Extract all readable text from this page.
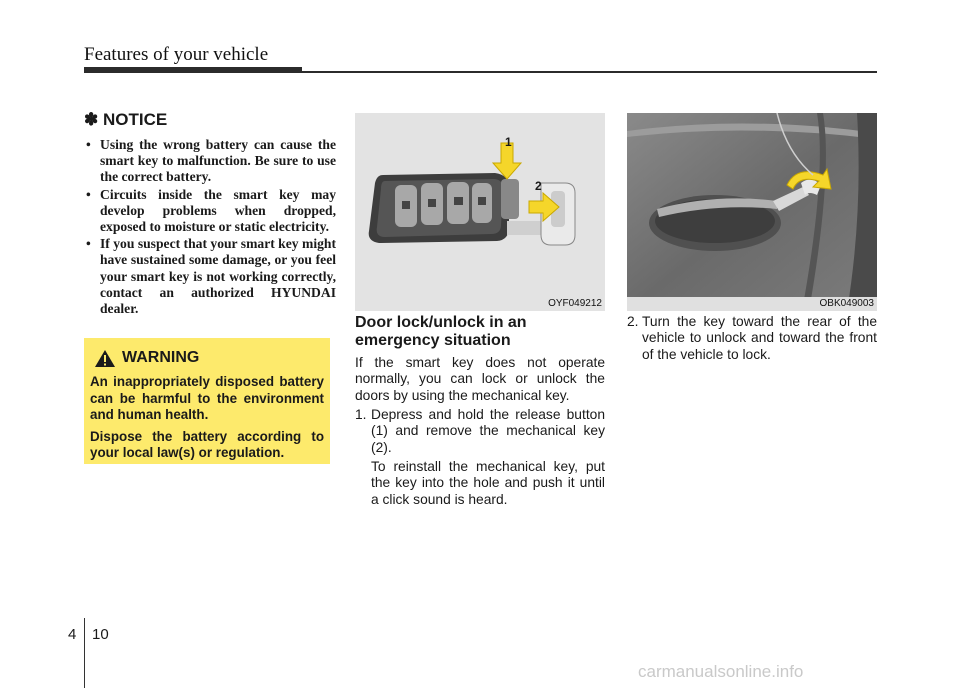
Features of your vehicle
✽ NOTICE
• Using the wrong battery can cause the smart key to malfunction. Be sure to use the correct battery.
• Circuits inside the smart key may develop problems when dropped, exposed to moisture or static electricity.
• If you suspect that your smart key might have sustained some damage, or you feel your smart key is not working correctly, contact an authorized HYUNDAI dealer.
WARNING

An inappropriately disposed battery can be harmful to the environment and human health.

Dispose the battery according to your local law(s) or regulation.

1
2
OYF049212
Door lock/unlock in an emergency situation

If the smart key does not operate normally, you can lock or unlock the doors by using the mechanical key.

1. Depress and hold the release button (1) and remove the mechanical key (2).

To reinstall the mechanical key, put the key into the hole and push it until a click sound is heard.

OBK049003
2. Turn the key toward the rear of the vehicle to unlock and toward the front of the vehicle to lock.
4 10
carmanualsonline.info
